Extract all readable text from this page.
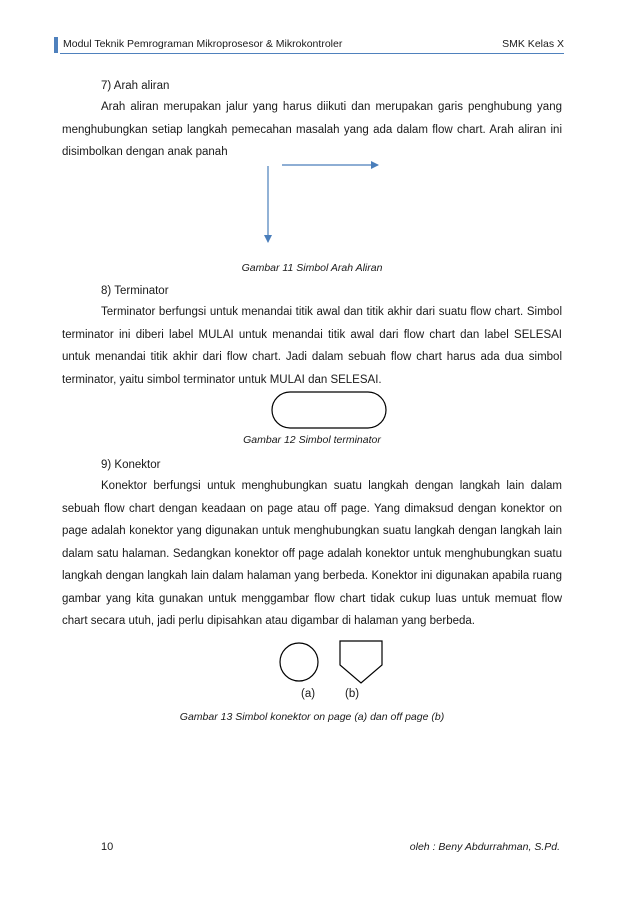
Modul Teknik Pemrograman Mikroprosesor & Mikrokontroler	SMK Kelas X
7) Arah aliran

Arah aliran merupakan jalur yang harus diikuti dan merupakan garis penghubung yang menghubungkan setiap langkah pemecahan masalah yang ada dalam flow chart. Arah aliran ini disimbolkan dengan anak panah

Gambar 11 Simbol Arah Aliran
8) Terminator

Terminator berfungsi untuk menandai titik awal dan titik akhir dari suatu flow chart. Simbol terminator ini diberi label MULAI untuk menandai titik awal dari flow chart dan label SELESAI untuk menandai titik akhir dari flow chart. Jadi dalam sebuah flow chart harus ada dua simbol terminator, yaitu simbol terminator untuk MULAI dan SELESAI.

Gambar 12 Simbol terminator
9) Konektor

Konektor berfungsi untuk menghubungkan suatu langkah dengan langkah lain dalam sebuah flow chart dengan keadaan on page atau off page. Yang dimaksud dengan konektor on page adalah konektor yang digunakan untuk menghubungkan suatu langkah dengan langkah lain dalam satu halaman. Sedangkan konektor off page adalah konektor untuk menghubungkan suatu langkah dengan langkah lain dalam halaman yang berbeda. Konektor ini digunakan apabila ruang gambar yang kita gunakan untuk menggambar flow chart tidak cukup luas untuk memuat flow chart secara utuh, jadi perlu dipisahkan atau digambar di halaman yang berbeda.

(a)	(b)
Gambar 13 Simbol konektor on page (a) dan off page (b)
10	oleh : Beny Abdurrahman, S.Pd.
